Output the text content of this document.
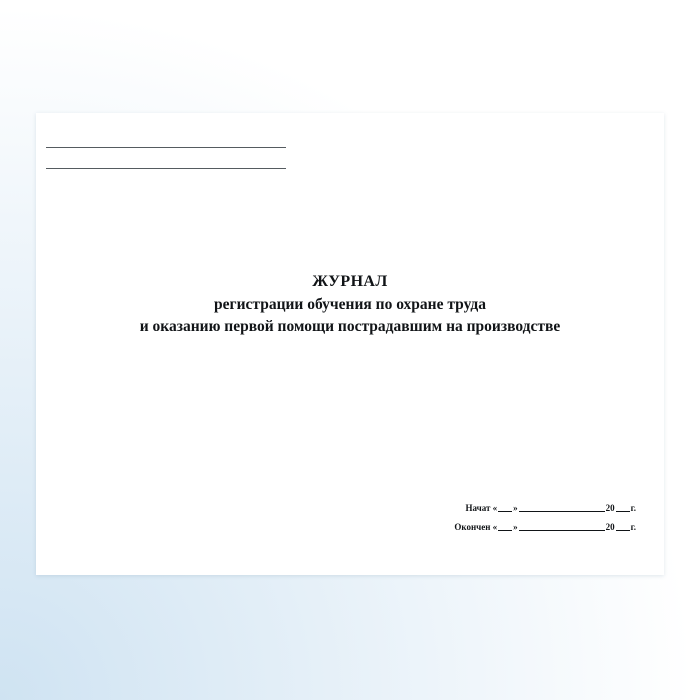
ЖУРНАЛ
регистрации обучения по охране труда
и оказанию первой помощи пострадавшим на производстве
Начат « »	20 г.
Окончен « »	20 г.
